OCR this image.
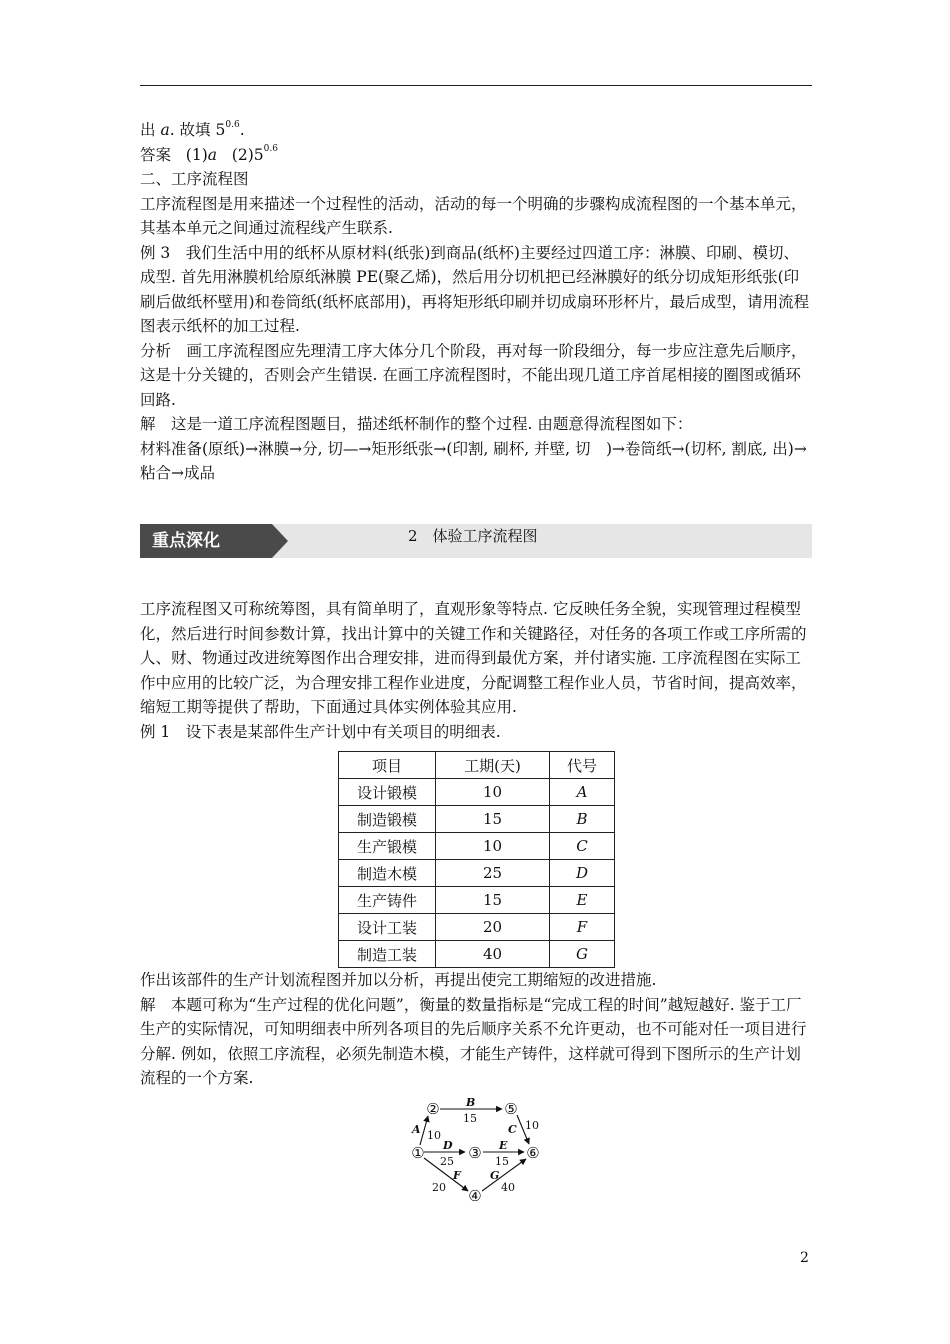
出 a. 故填 $5^{0.6}$.

答案 (1)a $(2)5^{0.6}$

二、工序流程图

工序流程图是用来描述一个过程性的活动，活动的每一个明确的步骤构成流程图的一个基本单元，其基本单元之间通过流程线产生联系.

例 3　我们生活中用的纸杯从原材料(纸张)到商品(纸杯)主要经过四道工序：淋膜、印刷、模切、成型. 首先用淋膜机给原纸淋膜 PE(聚乙烯)，然后用分切机把已经淋膜好的纸分切成矩形纸张(印刷后做纸杯壁用)和卷筒纸(纸杯底部用)，再将矩形纸印刷并切成扇环形杯片，最后成型，请用流程图表示纸杯的加工过程.

分析　画工序流程图应先理清工序大体分几个阶段，再对每一阶段细分，每一步应注意先后顺序，这是十分关键的，否则会产生错误. 在画工序流程图时，不能出现几道工序首尾相接的圈图或循环回路.

解　这是一道工序流程图题目，描述纸杯制作的整个过程. 由题意得流程图如下：

材料准备(原纸)→淋膜→分, 切—→矩形纸张→(印割, 刷杯, 并壁, 切　)→卷筒纸→(切杯, 割底, 出)→粘合→成品

重点深化	2　体验工序流程图

工序流程图又可称统筹图，具有简单明了，直观形象等特点. 它反映任务全貌，实现管理过程模型化，然后进行时间参数计算，找出计算中的关键工作和关键路径，对任务的各项工作或工序所需的人、财、物通过改进统筹图作出合理安排，进而得到最优方案，并付诸实施. 工序流程图在实际工作中应用的比较广泛，为合理安排工程作业进度，分配调整工程作业人员，节省时间，提高效率，缩短工期等提供了帮助，下面通过具体实例体验其应用.

例 1　设下表是某部件生产计划中有关项目的明细表.

项目	工期(天)	代号
设计锻模	10	A
制造锻模	15	B
生产锻模	10	C
制造木模	25	D
生产铸件	15	E
设计工装	20	F
制造工装	40	G

作出该部件的生产计划流程图并加以分析，再提出使完工期缩短的改进措施.

解　本题可称为“生产过程的优化问题”，衡量的数量指标是“完成工程的时间”越短越好. 鉴于工厂生产的实际情况，可知明细表中所列各项目的先后顺序关系不允许更动，也不可能对任一项目进行分解. 例如，依照工序流程，必须先制造木模，才能生产铸件，这样就可得到下图所示的生产计划流程的一个方案.

①
②
③
④
⑤
⑥
A 10
B
15
C 10
D
25
E
15
F
20
G
40
2
